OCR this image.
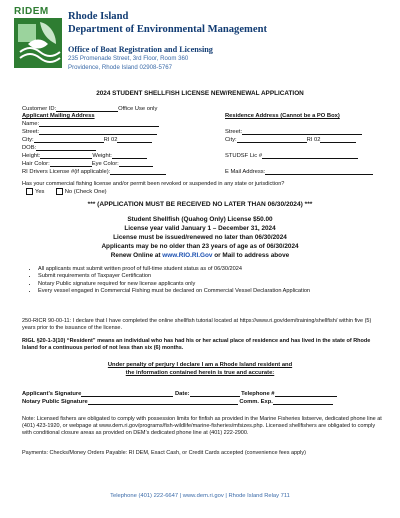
RIDEM Rhode Island
Department of Environmental Management
Office of Boat Registration and Licensing
235 Promenade Street, 3rd Floor, Room 360
Providence, Rhode Island 02908-5767
2024 STUDENT SHELLFISH LICENSE NEW/RENEWAL APPLICATION
Customer ID:	Office Use only
Applicant Mailing Address
Name:
Street:
City:	RI 02
DOB:
Height:	Weight:
Hair Color:	Eye Color:
RI Drivers License #(if applicable):
Residence Address (Cannot be a PO Box)
Street:
City:	RI 02
STUDSF Lic #
E Mail Address:
Has your commercial fishing license and/or permit been revoked or suspended in any state or jurisdiction?
Yes	No (Check One)
*** (APPLICATION MUST BE RECEIVED NO LATER THAN 06/30/2024) ***
Student Shellfish (Quahog Only) License $50.00
License year valid January 1 – December 31, 2024
License must be issued/renewed no later than 06/30/2024
Applicants may be no older than 23 years of age as of 06/30/2024
Renew Online at www.RIO.RI.Gov or Mail to address above
• All applicants must submit written proof of full-time student status as of 06/30/2024
• Submit requirements of Taxpayer Certification
• Notary Public signature required for new license applicants only
• Every vessel engaged in Commercial Fishing must be declared on Commercial Vessel Declaration Application
250-RICR 90-00-11: I declare that I have completed the online shellfish tutorial located at https://www.ri.gov/dem/training/shellfish/ within five (5) years prior to the issuance of the license.
RIGL §20-1-3(10) “Resident” means an individual who has had his or her actual place of residence and has lived in the state of Rhode Island for a continuous period of not less than six (6) months.
Under penalty of perjury I declare I am a Rhode Island resident and
the information contained herein is true and accurate:
Applicant’s Signature	Date:	Telephone #
Notary Public Signature	Comm. Exp.
Note: Licensed fishers are obligated to comply with possession limits for finfish as provided in the Marine Fisheries listserve, dedicated phone line at (401) 423-1920, or webpage at www.dem.ri.gov/programs/fish-wildlife/marine-fisheries/mfsizes.php. Licensed shellfishers are obligated to comply with conditional closure areas as provided on DEM’s dedicated phone line at (401) 222-2900.
Payments: Checks/Money Orders Payable: RI DEM, Exact Cash, or Credit Cards accepted (convenience fees apply)
Telephone (401) 222-6647 | www.dem.ri.gov | Rhode Island Relay 711
